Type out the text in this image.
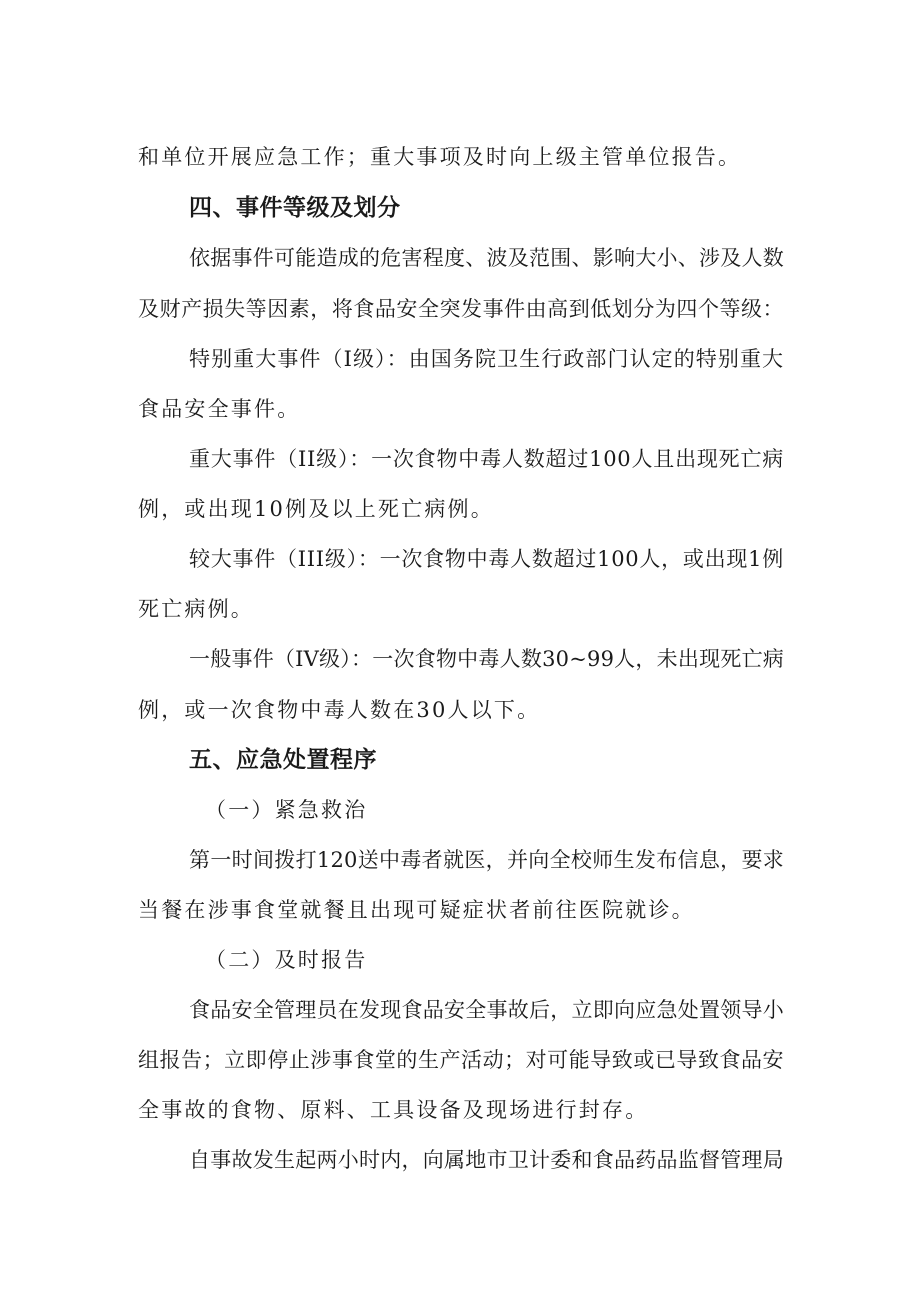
和单位开展应急工作；重大事项及时向上级主管单位报告。
四、事件等级及划分
依据事件可能造成的危害程度、波及范围、影响大小、涉及人数
及财产损失等因素，将食品安全突发事件由高到低划分为四个等级：
特别重大事件（I级）：由国务院卫生行政部门认定的特别重大
食品安全事件。
重大事件（II级）：一次食物中毒人数超过100人且出现死亡病
例，或出现10例及以上死亡病例。
较大事件（III级）：一次食物中毒人数超过100人，或出现1例
死亡病例。
一般事件（IV级）：一次食物中毒人数30~99人，未出现死亡病
例，或一次食物中毒人数在30人以下。
五、应急处置程序
（一）紧急救治
第一时间拨打120送中毒者就医，并向全校师生发布信息，要求
当餐在涉事食堂就餐且出现可疑症状者前往医院就诊。
（二）及时报告
食品安全管理员在发现食品安全事故后，立即向应急处置领导小
组报告；立即停止涉事食堂的生产活动；对可能导致或已导致食品安
全事故的食物、原料、工具设备及现场进行封存。
自事故发生起两小时内，向属地市卫计委和食品药品监督管理局
